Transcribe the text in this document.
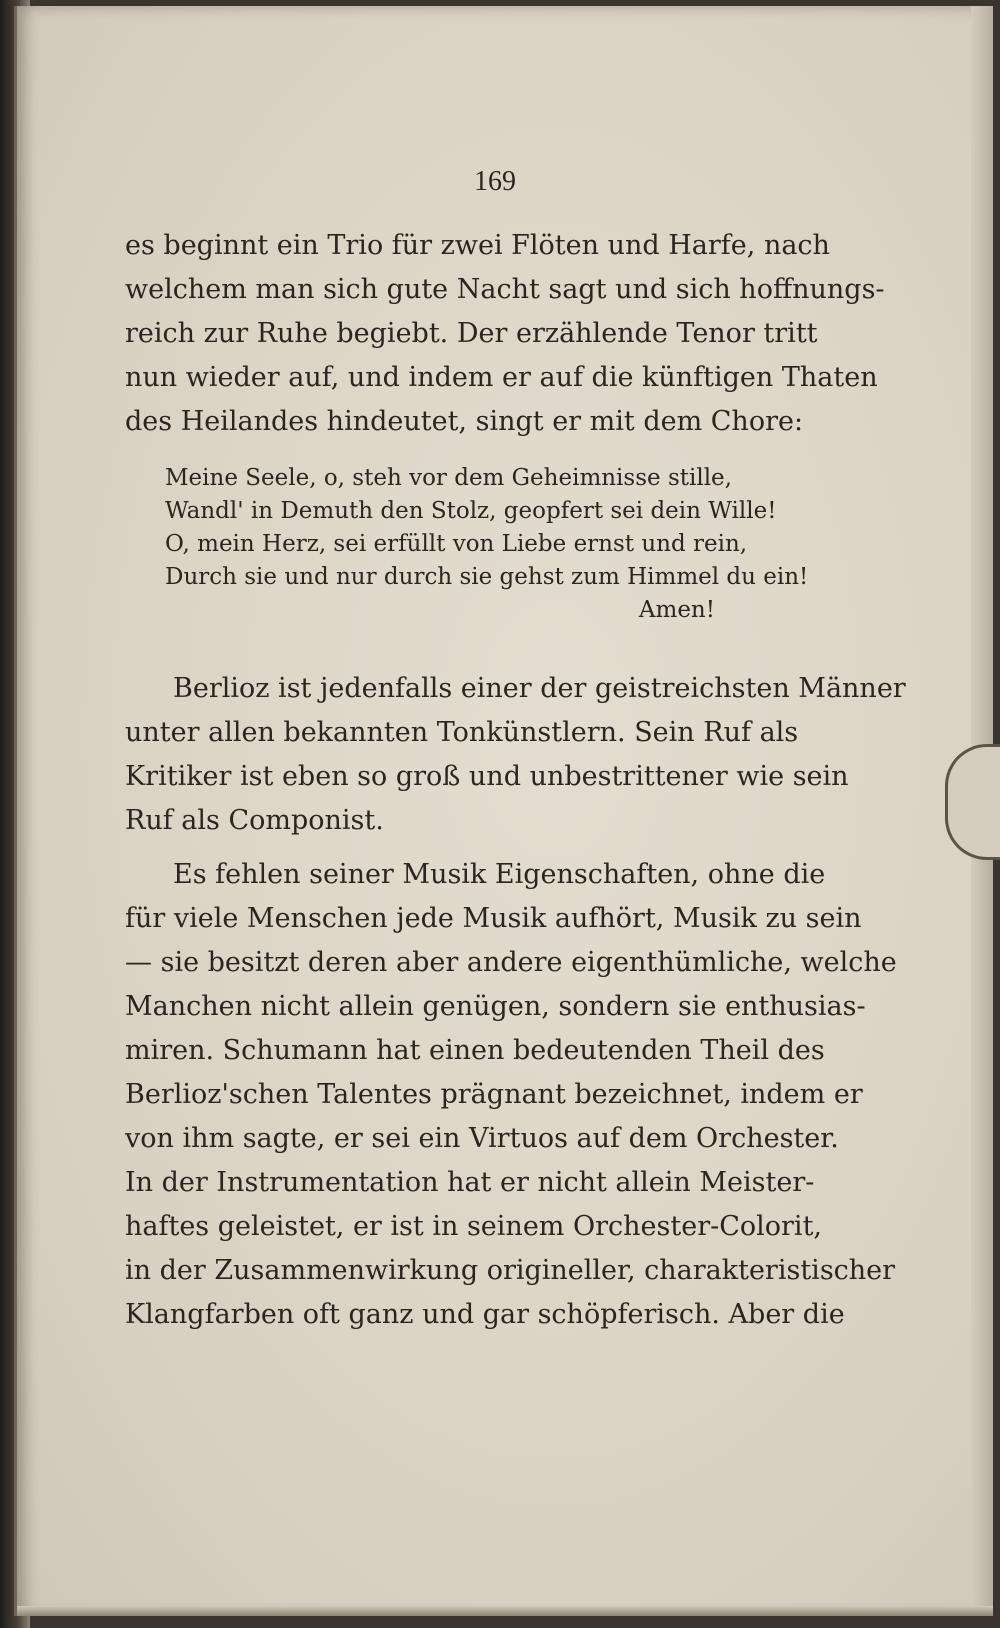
169
es beginnt ein Trio für zwei Flöten und Harfe, nach
welchem man sich gute Nacht sagt und sich hoffnungs-
reich zur Ruhe begiebt. Der erzählende Tenor tritt
nun wieder auf, und indem er auf die künftigen Thaten
des Heilandes hindeutet, singt er mit dem Chore:
Meine Seele, o, steh vor dem Geheimnisse stille,
Wandl' in Demuth den Stolz, geopfert sei dein Wille!
O, mein Herz, sei erfüllt von Liebe ernst und rein,
Durch sie und nur durch sie gehst zum Himmel du ein!
Amen!
Berlioz ist jedenfalls einer der geistreichsten Männer
unter allen bekannten Tonkünstlern. Sein Ruf als
Kritiker ist eben so groß und unbestrittener wie sein
Ruf als Componist.
Es fehlen seiner Musik Eigenschaften, ohne die
für viele Menschen jede Musik aufhört, Musik zu sein
— sie besitzt deren aber andere eigenthümliche, welche
Manchen nicht allein genügen, sondern sie enthusias-
miren. Schumann hat einen bedeutenden Theil des
Berlioz'schen Talentes prägnant bezeichnet, indem er
von ihm sagte, er sei ein Virtuos auf dem Orchester.
In der Instrumentation hat er nicht allein Meister-
haftes geleistet, er ist in seinem Orchester-Colorit,
in der Zusammenwirkung origineller, charakteristischer
Klangfarben oft ganz und gar schöpferisch. Aber die
